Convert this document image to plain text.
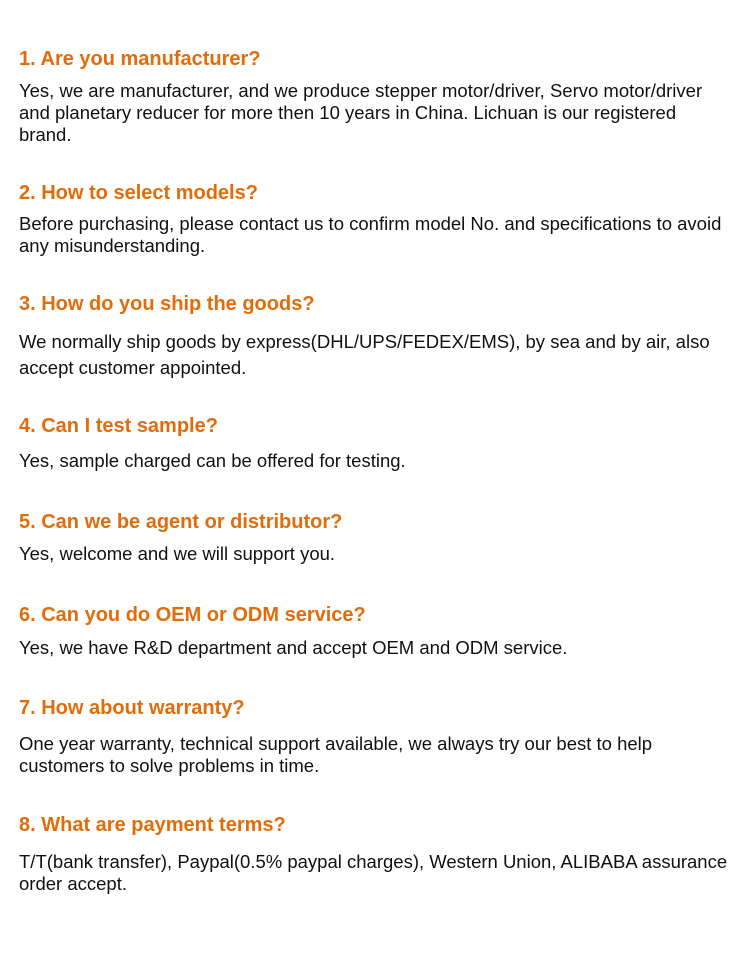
1. Are you manufacturer?

Yes, we are manufacturer, and we produce stepper motor/driver, Servo motor/driver and planetary reducer for more then 10 years in China. Lichuan is our registered brand.

2. How to select models?

Before purchasing, please contact us to confirm model No. and specifications to avoid any misunderstanding.

3. How do you ship the goods?

We normally ship goods by express(DHL/UPS/FEDEX/EMS), by sea and by air, also accept customer appointed.

4. Can I test sample?

Yes, sample charged can be offered for testing.

5. Can we be agent or distributor?

Yes, welcome and we will support you.

6. Can you do OEM or ODM service?

Yes, we have R&D department and accept OEM and ODM service.

7. How about warranty?

One year warranty, technical support available, we always try our best to help customers to solve problems in time.

8. What are payment terms?

T/T(bank transfer), Paypal(0.5% paypal charges), Western Union, ALIBABA assurance order accept.
